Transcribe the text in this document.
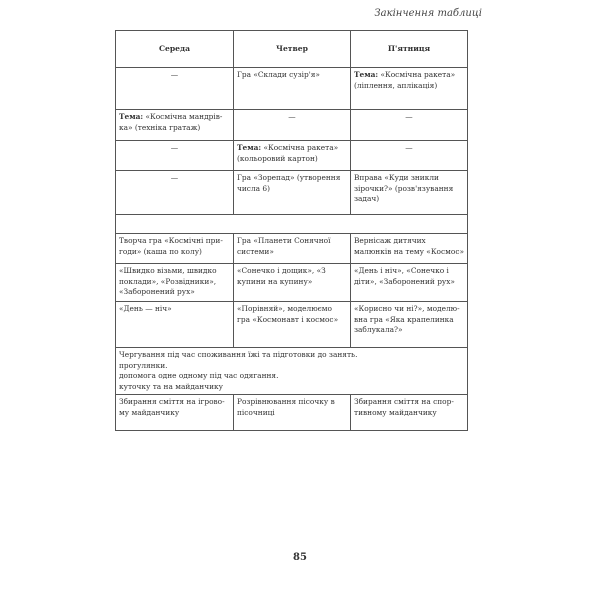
Закінчення таблиці
Середа	Четвер	П'ятниця
—	Гра «Склади сузір'я»	Тема: «Космічна ракета» (ліплення, аплікація)
Тема: «Космічна мандрів-ка» (техніка гратаж)	—	—
—	Тема: «Космічна ракета» (кольоровий картон)	—
—	Гра «Зорепад» (утворення числа 6)	Вправа «Куди зникли зірочки?» (розв'язування задач)

Творча гра «Космічні при-годи» (каша по колу)	Гра «Планети Сонячної системи»	Вернісаж дитячих малюнків на тему «Космос»
«Швидко візьми, швидко поклади», «Розвідники», «Заборонений рух»	«Сонечко і дощик», «З купини на купину»	«День і ніч», «Сонечко і діти», «Заборонений рух»
«День — ніч»	«Порівняй», моделюємо гра «Космонавт і космос»	«Корисно чи ні?», моделю-вна гра «Яка крапелинка заблукала?»

Чергування під час споживання їжі та підготовки до занять.
прогулянки.
допомога одне одному під час одягання.
куточку та на майданчику		

Збирання сміття на ігрово-му майданчику	Розрівнювання пісочку в пісочниці	Збирання сміття на спор-тивному майданчику
85
